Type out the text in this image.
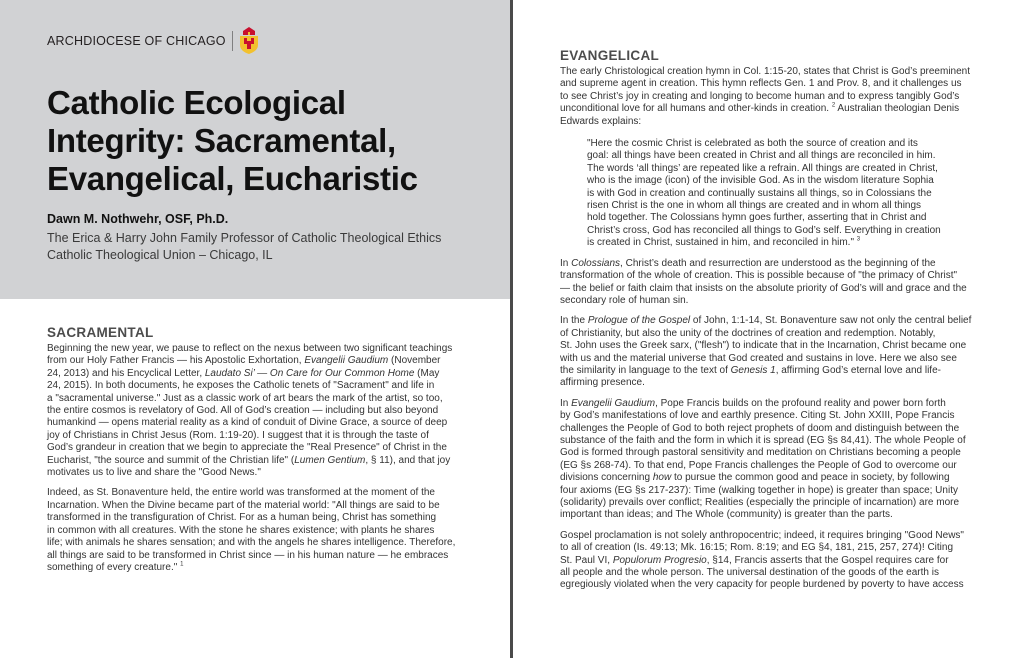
ARCHDIOCESE OF CHICAGO
Catholic Ecological
Integrity: Sacramental,
Evangelical, Eucharistic
Dawn M. Nothwehr, OSF, Ph.D.
The Erica & Harry John Family Professor of Catholic Theological Ethics
Catholic Theological Union – Chicago, IL
SACRAMENTAL

Beginning the new year, we pause to reflect on the nexus between two significant teachings
from our Holy Father Francis — his Apostolic Exhortation, Evangelii Gaudium (November
24, 2013) and his Encyclical Letter, Laudato Si’ — On Care for Our Common Home (May
24, 2015). In both documents, he exposes the Catholic tenets of "Sacrament" and life in
a "sacramental universe." Just as a classic work of art bears the mark of the artist, so too,
the entire cosmos is revelatory of God. All of God’s creation — including but also beyond
humankind — opens material reality as a kind of conduit of Divine Grace, a source of deep
joy of Christians in Christ Jesus (Rom. 1:19-20). I suggest that it is through the taste of
God’s grandeur in creation that we begin to appreciate the "Real Presence" of Christ in the
Eucharist, "the source and summit of the Christian life" (Lumen Gentium, § 11), and that joy
motivates us to live and share the "Good News."

Indeed, as St. Bonaventure held, the entire world was transformed at the moment of the
Incarnation. When the Divine became part of the material world: "All things are said to be
transformed in the transfiguration of Christ. For as a human being, Christ has something
in common with all creatures. With the stone he shares existence; with plants he shares
life; with animals he shares sensation; and with the angels he shares intelligence. Therefore,
all things are said to be transformed in Christ since — in his human nature — he embraces
something of every creature." $^1$

EVANGELICAL

The early Christological creation hymn in Col. 1:15-20, states that Christ is God’s preeminent
and supreme agent in creation. This hymn reflects Gen. 1 and Prov. 8, and it challenges us
to see Christ’s joy in creating and longing to become human and to express tangibly God’s
unconditional love for all humans and other-kinds in creation. $^2$ Australian theologian Denis
Edwards explains:

"Here the cosmic Christ is celebrated as both the source of creation and its
goal: all things have been created in Christ and all things are reconciled in him.
The words ‘all things’ are repeated like a refrain. All things are created in Christ,
who is the image (icon) of the invisible God. As in the wisdom literature Sophia
is with God in creation and continually sustains all things, so in Colossians the
risen Christ is the one in whom all things are created and in whom all things
hold together. The Colossians hymn goes further, asserting that in Christ and
Christ’s cross, God has reconciled all things to God’s self. Everything in creation
is created in Christ, sustained in him, and reconciled in him." $^3$

In Colossians, Christ’s death and resurrection are understood as the beginning of the
transformation of the whole of creation. This is possible because of "the primacy of Christ"
— the belief or faith claim that insists on the absolute priority of God’s will and grace and the
secondary role of human sin.

In the Prologue of the Gospel of John, 1:1-14, St. Bonaventure saw not only the central belief
of Christianity, but also the unity of the doctrines of creation and redemption. Notably,
St. John uses the Greek sarx, ("flesh") to indicate that in the Incarnation, Christ became one
with us and the material universe that God created and sustains in love. Here we also see
the similarity in language to the text of Genesis 1, affirming God’s eternal love and life-
affirming presence.

In Evangelii Gaudium, Pope Francis builds on the profound reality and power born forth
by God’s manifestations of love and earthly presence. Citing St. John XXIII, Pope Francis
challenges the People of God to both reject prophets of doom and distinguish between the
substance of the faith and the form in which it is spread (EG §s 84,41). The whole People of
God is formed through pastoral sensitivity and meditation on Christians becoming a people
(EG §s 268-74). To that end, Pope Francis challenges the People of God to overcome our
divisions concerning how to pursue the common good and peace in society, by following
four axioms (EG §s 217-237): Time (walking together in hope) is greater than space; Unity
(solidarity) prevails over conflict; Realities (especially the principle of incarnation) are more
important than ideas; and The Whole (community) is greater than the parts.

Gospel proclamation is not solely anthropocentric; indeed, it requires bringing "Good News"
to all of creation (Is. 49:13; Mk. 16:15; Rom. 8:19; and EG §4, 181, 215, 257, 274)! Citing
St. Paul VI, Populorum Progresio, §14, Francis asserts that the Gospel requires care for
all people and the whole person. The universal destination of the goods of the earth is
egregiously violated when the very capacity for people burdened by poverty to have access
